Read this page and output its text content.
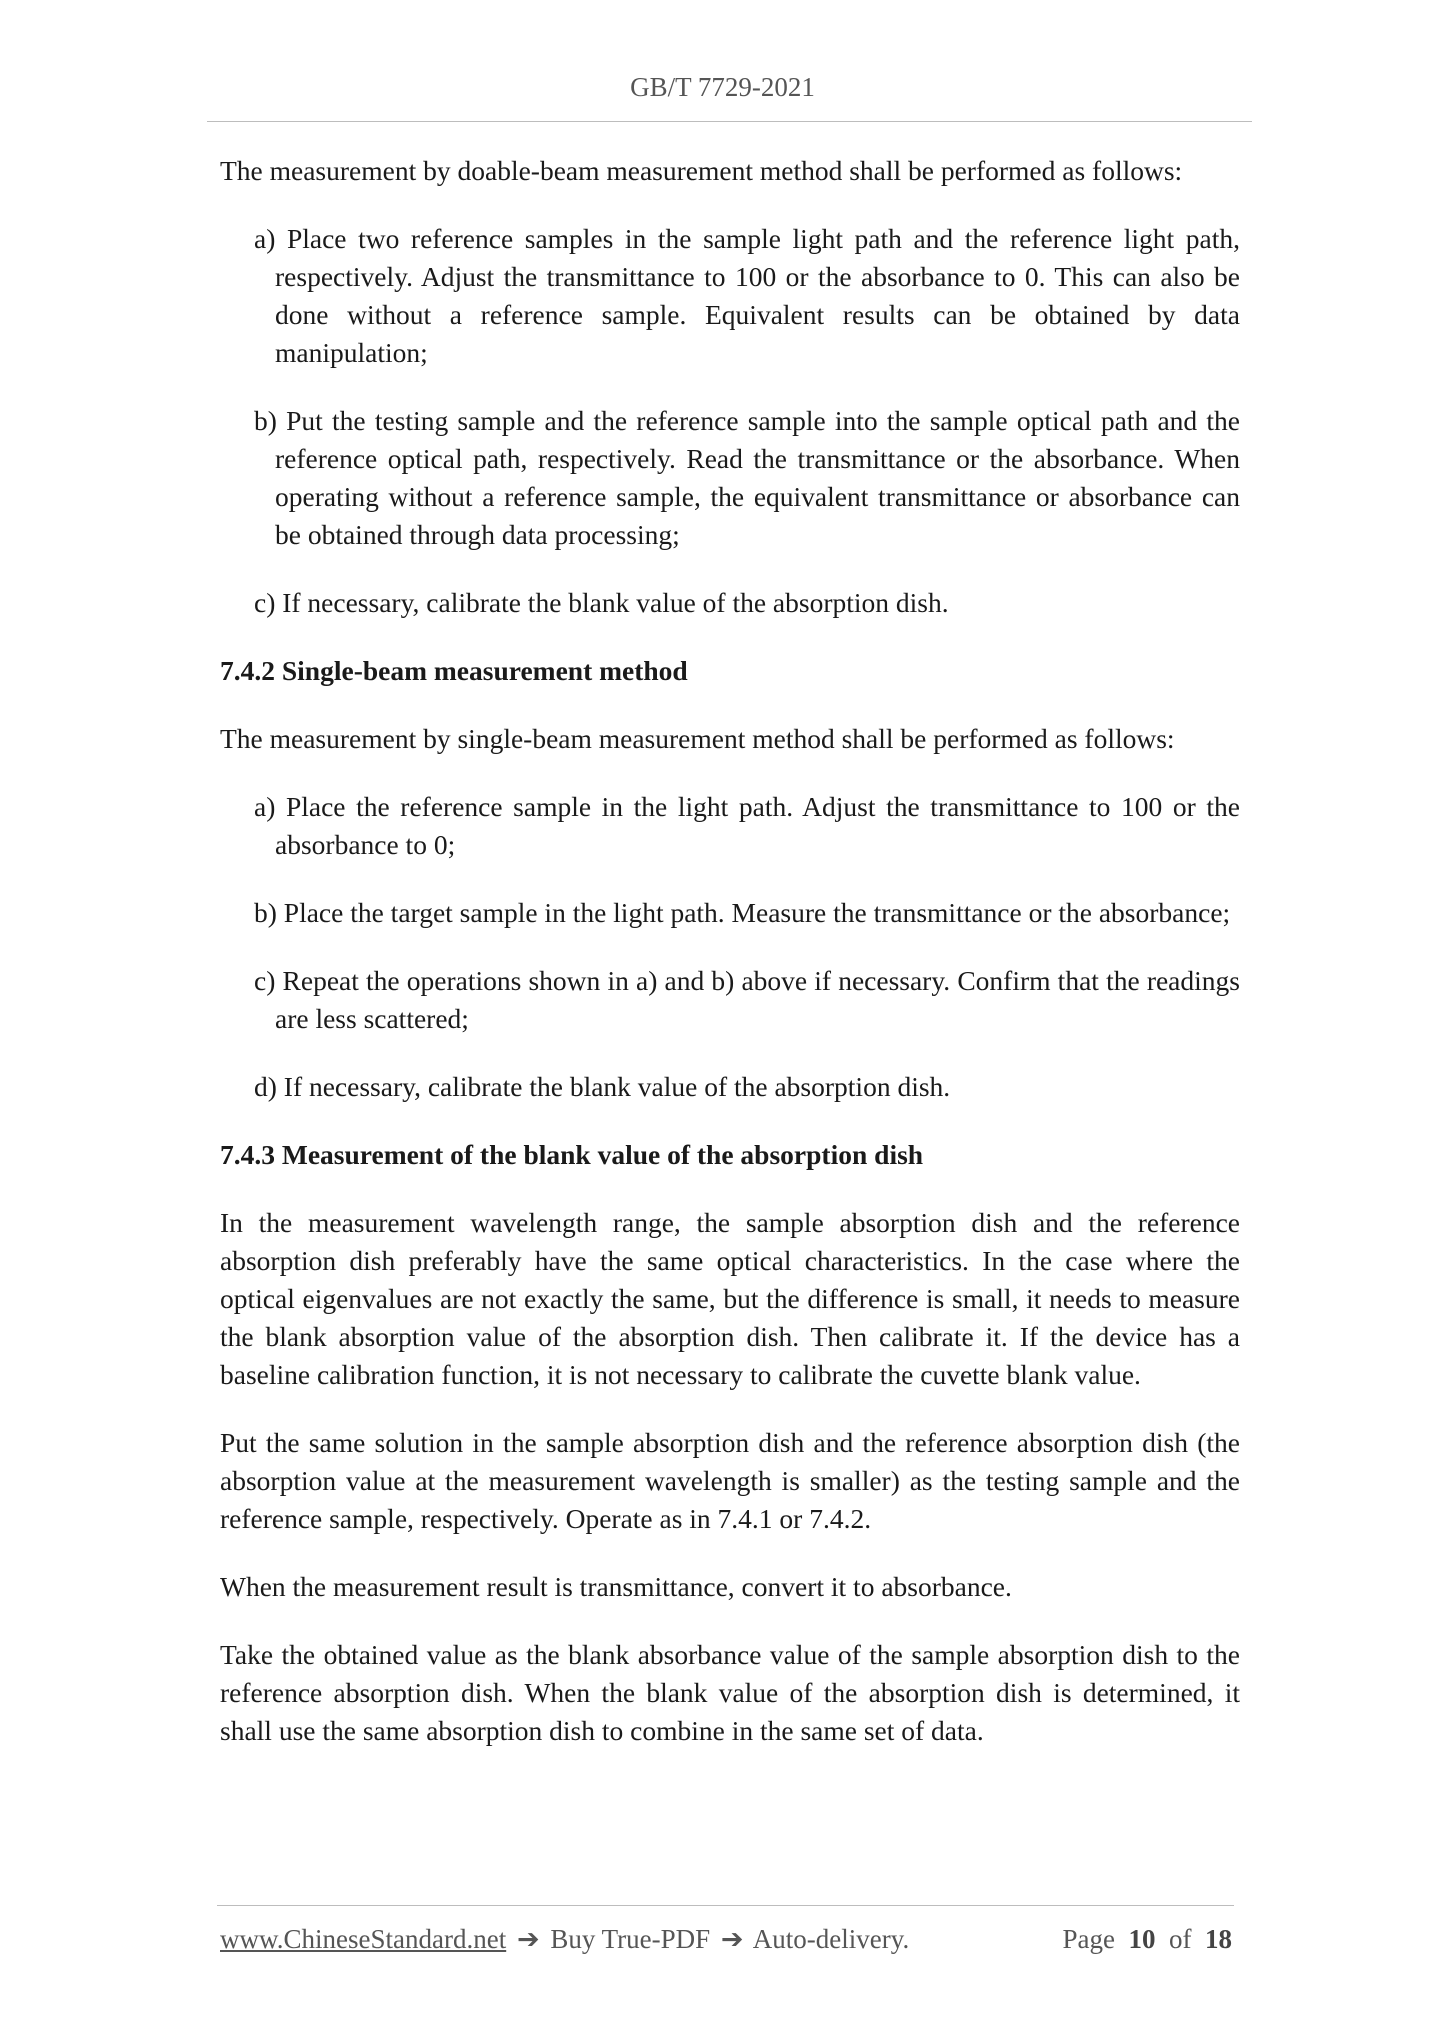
GB/T 7729-2021

The measurement by doable-beam measurement method shall be performed as follows:

a) Place two reference samples in the sample light path and the reference light path, respectively. Adjust the transmittance to 100 or the absorbance to 0. This can also be done without a reference sample. Equivalent results can be obtained by data manipulation;

b) Put the testing sample and the reference sample into the sample optical path and the reference optical path, respectively. Read the transmittance or the absorbance. When operating without a reference sample, the equivalent transmittance or absorbance can be obtained through data processing;

c) If necessary, calibrate the blank value of the absorption dish.

7.4.2 Single-beam measurement method

The measurement by single-beam measurement method shall be performed as follows:

a) Place the reference sample in the light path. Adjust the transmittance to 100 or the absorbance to 0;

b) Place the target sample in the light path. Measure the transmittance or the absorbance;

c) Repeat the operations shown in a) and b) above if necessary. Confirm that the readings are less scattered;

d) If necessary, calibrate the blank value of the absorption dish.

7.4.3 Measurement of the blank value of the absorption dish

In the measurement wavelength range, the sample absorption dish and the reference absorption dish preferably have the same optical characteristics. In the case where the optical eigenvalues are not exactly the same, but the difference is small, it needs to measure the blank absorption value of the absorption dish. Then calibrate it. If the device has a baseline calibration function, it is not necessary to calibrate the cuvette blank value.

Put the same solution in the sample absorption dish and the reference absorption dish (the absorption value at the measurement wavelength is smaller) as the testing sample and the reference sample, respectively. Operate as in 7.4.1 or 7.4.2.

When the measurement result is transmittance, convert it to absorbance.

Take the obtained value as the blank absorbance value of the sample absorption dish to the reference absorption dish. When the blank value of the absorption dish is determined, it shall use the same absorption dish to combine in the same set of data.

www.ChineseStandard.net ➔ Buy True-PDF ➔ Auto-delivery.	Page 10 of 18
